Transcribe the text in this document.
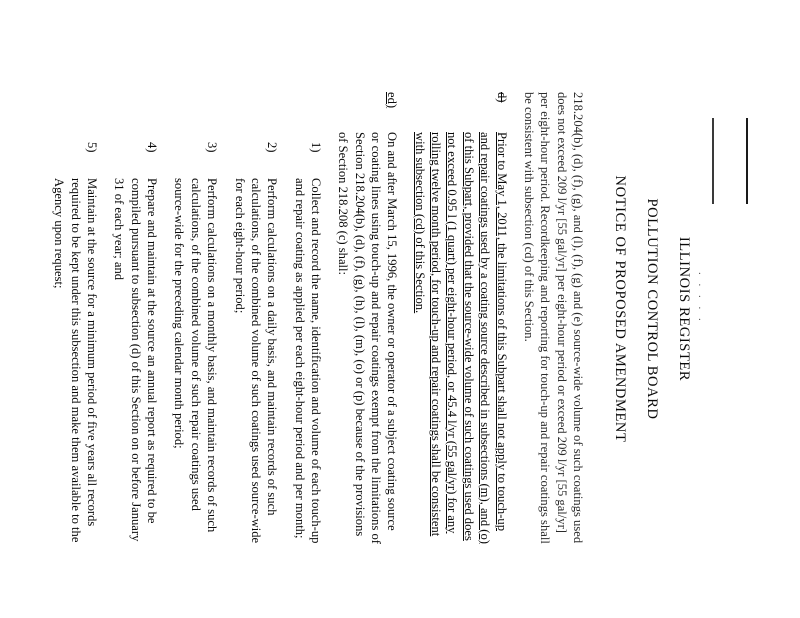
. . . . .
ILLINOIS REGISTER
POLLUTION CONTROL BOARD
NOTICE OF PROPOSED AMENDMENT

218.204(b), (d), (f), (g), and (l), (f), (g) and (e) source-wide volume of such coatings used does not exceed 209 l/yr [55 gal/yr] per eight-hour period or exceed 209 l/yr [55 gal/yr] per eight-hour period. Recordkeeping and reporting for touch-up and repair coatings shall be consistent with subsection (cd) of this Section.

d)
Prior to May 1, 2011, the limitations of this Subpart shall not apply to touch-up and repair coatings used by a coating source described in subsections (m), and (o) of this Subpart, provided that the source-wide volume of such coatings used does not exceed 0.95 l (1 quart) per eight-hour period, or 45.4 l/yr (55 gal/yr) for any rolling twelve month period, for touch-up and repair coatings shall be consistent with subsection (cd) of this Section.
ed)
On and after March 15, 1996, the owner or operator of a subject coating source or coating lines using touch-up and repair coatings exempt from the limitations of Section 218.204(b), (d), (f), (g), (h), (l), (m), (o) or (p) because of the provisions of Section 218.208 (c) shall:
1)
Collect and record the name, identification and volume of each touch-up and repair coating as applied per each eight-hour period and per month;
2)
Perform calculations on a daily basis, and maintain records of such calculations, of the combined volume of such coatings used source-wide for each eight-hour period;
3)
Perform calculations on a monthly basis, and maintain records of such calculations, of the combined volume of such repair coatings used source-wide for the preceding calendar month period;
4)
Prepare and maintain at the source an annual report as required to be compiled pursuant to subsection (d) of this Section on or before January 31 of each year; and
5)
Maintain at the source for a minimum period of five years all records required to be kept under this subsection and make them available to the Agency upon request;
